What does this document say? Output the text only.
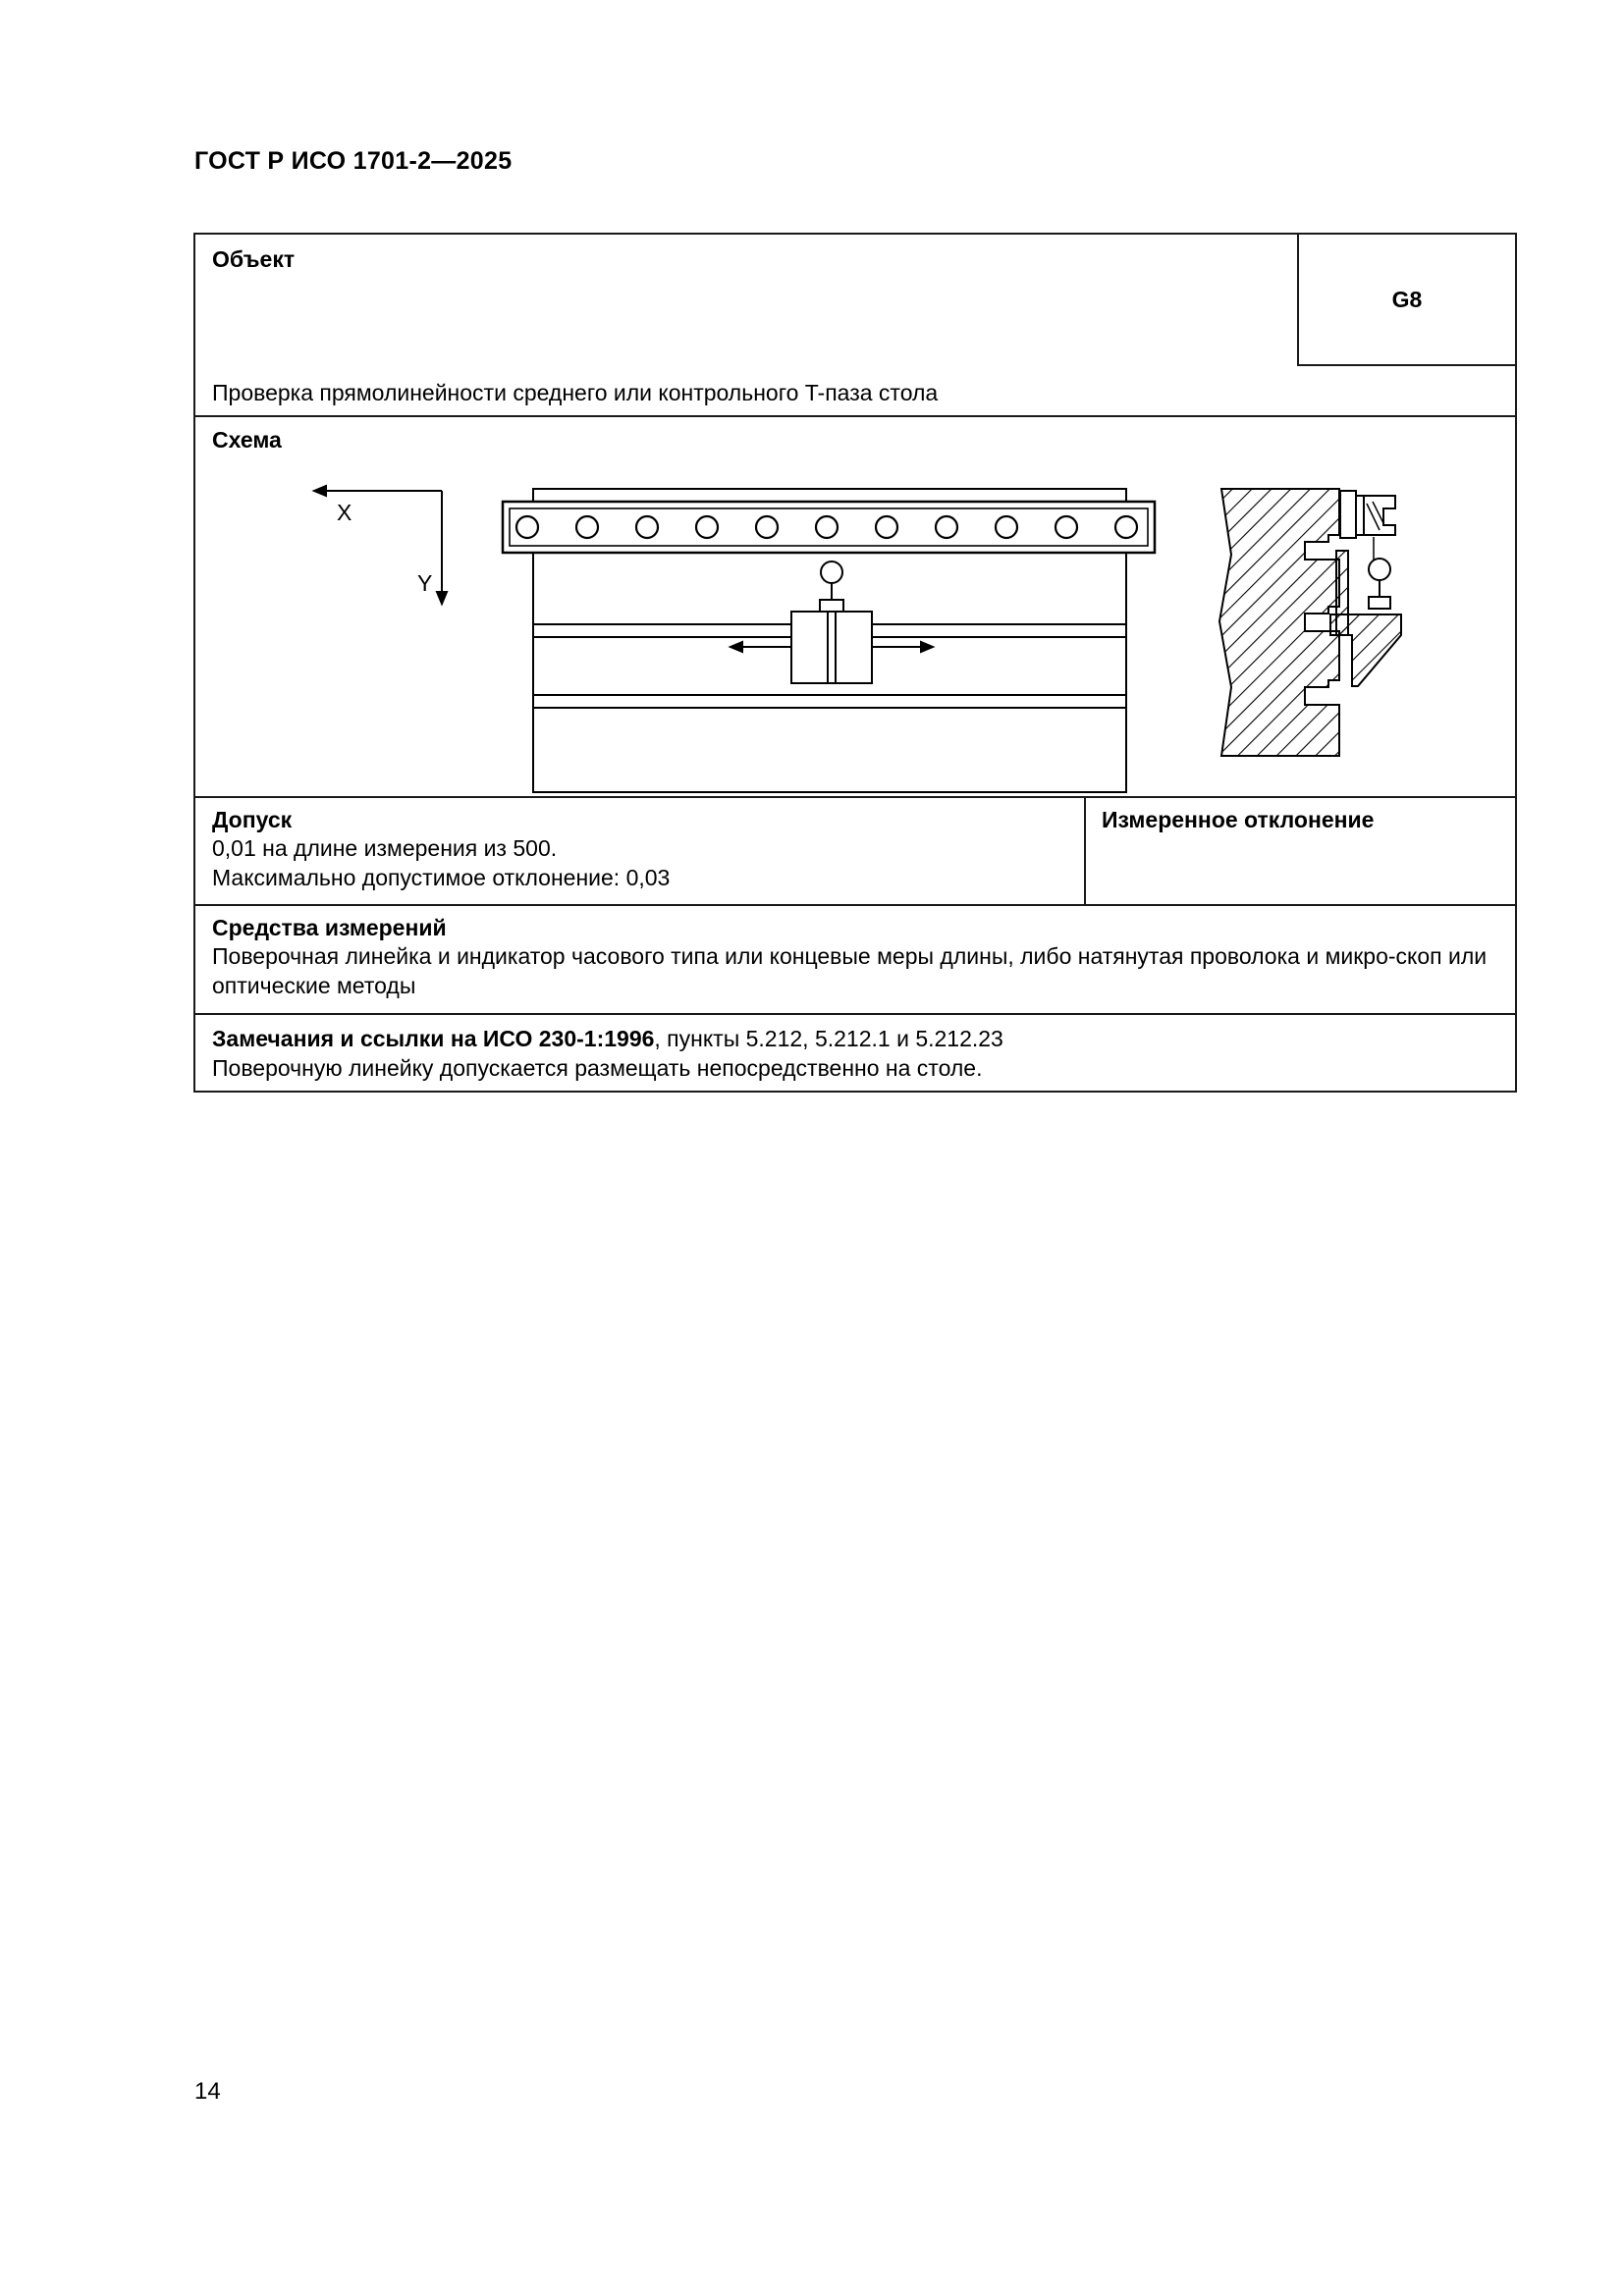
ГОСТ Р ИСО 1701-2—2025
Объект
G8
Проверка прямолинейности среднего или контрольного T-паза стола
Схема
X
Y
Допуск
0,01 на длине измерения из 500.
Максимально допустимое отклонение: 0,03
Измеренное отклонение
Средства измерений
Поверочная линейка и индикатор часового типа или концевые меры длины, либо натянутая проволока и микро-скоп или оптические методы
Замечания и ссылки на ИСО 230-1:1996, пункты 5.212, 5.212.1 и 5.212.23
Поверочную линейку допускается размещать непосредственно на столе.
14
